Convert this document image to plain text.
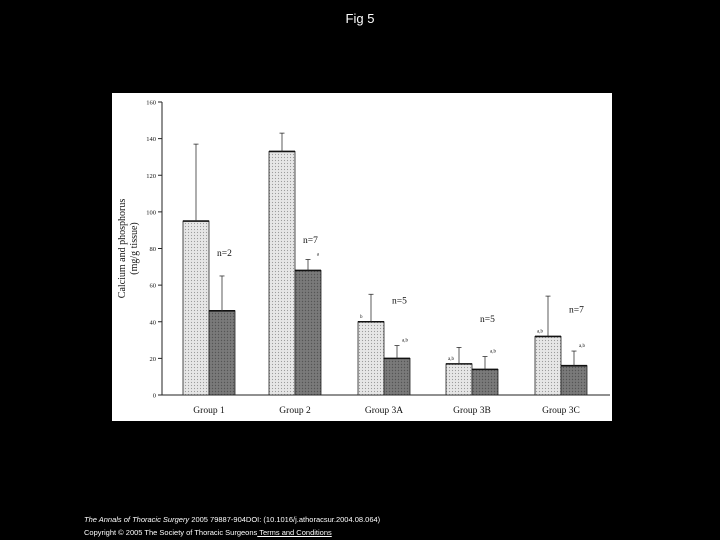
Fig 5
0
20
40
60
80
100
120
140
160
Calcium and phosphorus (mg/g tissue)
Group 1
a
Group 2
b
a,b
Group 3A
a,b
a,b
Group 3B
a,b
a,b
Group 3C
n=2
n=7
n=5
n=5
n=7
The Annals of Thoracic Surgery 2005 79887-904DOI: (10.1016/j.athoracsur.2004.08.064)
Copyright © 2005 The Society of Thoracic Surgeons Terms and Conditions
